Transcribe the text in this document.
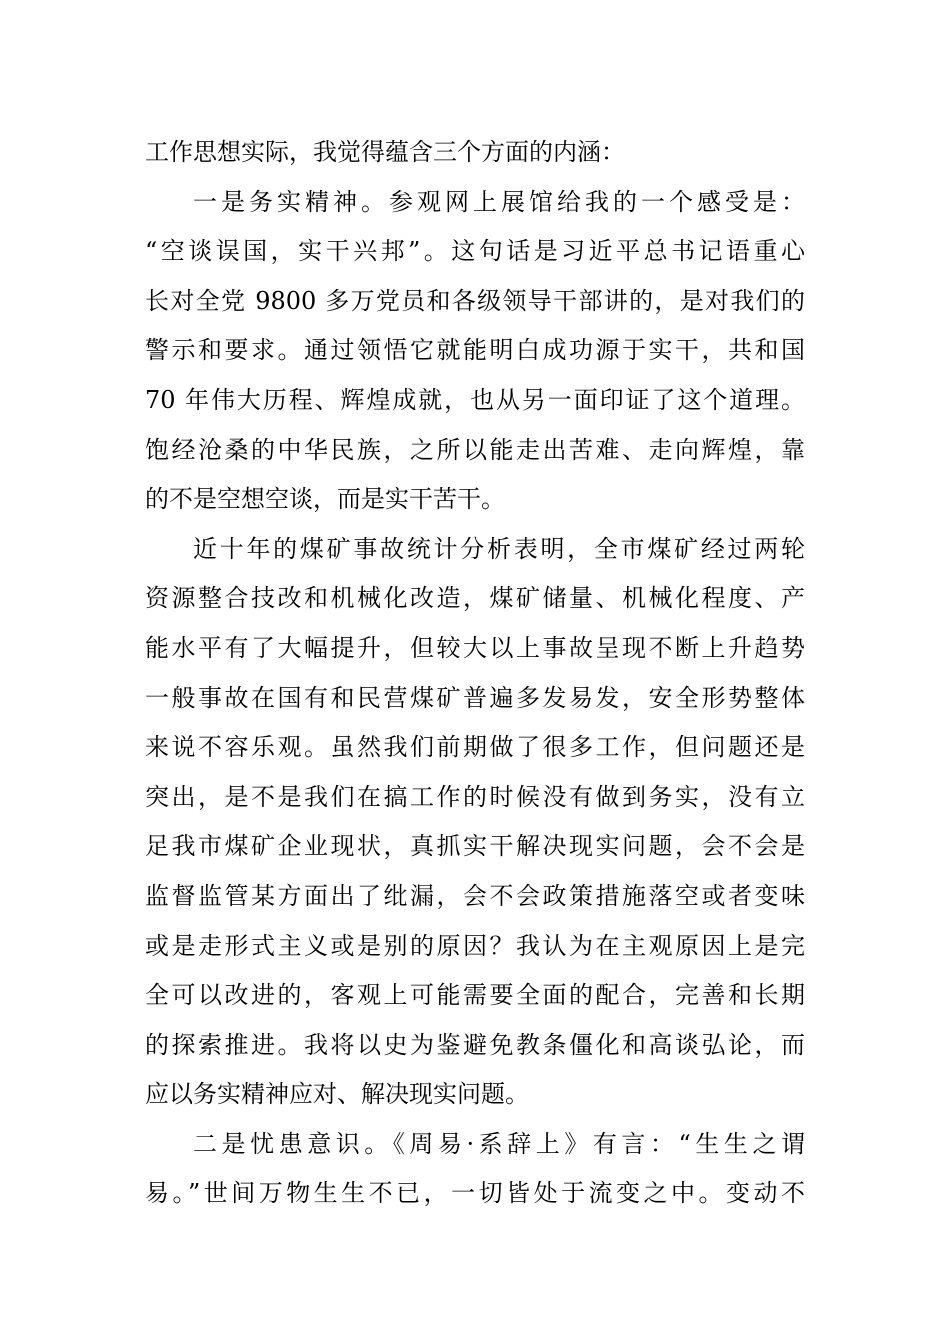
工作思想实际，我觉得蕴含三个方面的内涵：
一是务实精神。参观网上展馆给我的一个感受是：
“空谈误国，实干兴邦”。这句话是习近平总书记语重心
长对全党 9800 多万党员和各级领导干部讲的，是对我们的
警示和要求。通过领悟它就能明白成功源于实干，共和国
70 年伟大历程、辉煌成就，也从另一面印证了这个道理。
饱经沧桑的中华民族，之所以能走出苦难、走向辉煌，靠
的不是空想空谈，而是实干苦干。
近十年的煤矿事故统计分析表明，全市煤矿经过两轮
资源整合技改和机械化改造，煤矿储量、机械化程度、产
能水平有了大幅提升，但较大以上事故呈现不断上升趋势
一般事故在国有和民营煤矿普遍多发易发，安全形势整体
来说不容乐观。虽然我们前期做了很多工作，但问题还是
突出，是不是我们在搞工作的时候没有做到务实，没有立
足我市煤矿企业现状，真抓实干解决现实问题，会不会是
监督监管某方面出了纰漏，会不会政策措施落空或者变味
或是走形式主义或是别的原因？我认为在主观原因上是完
全可以改进的，客观上可能需要全面的配合，完善和长期
的探索推进。我将以史为鉴避免教条僵化和高谈弘论，而
应以务实精神应对、解决现实问题。
二是忧患意识。《周易·系辞上》有言：“生生之谓
易。”世间万物生生不已，一切皆处于流变之中。变动不
